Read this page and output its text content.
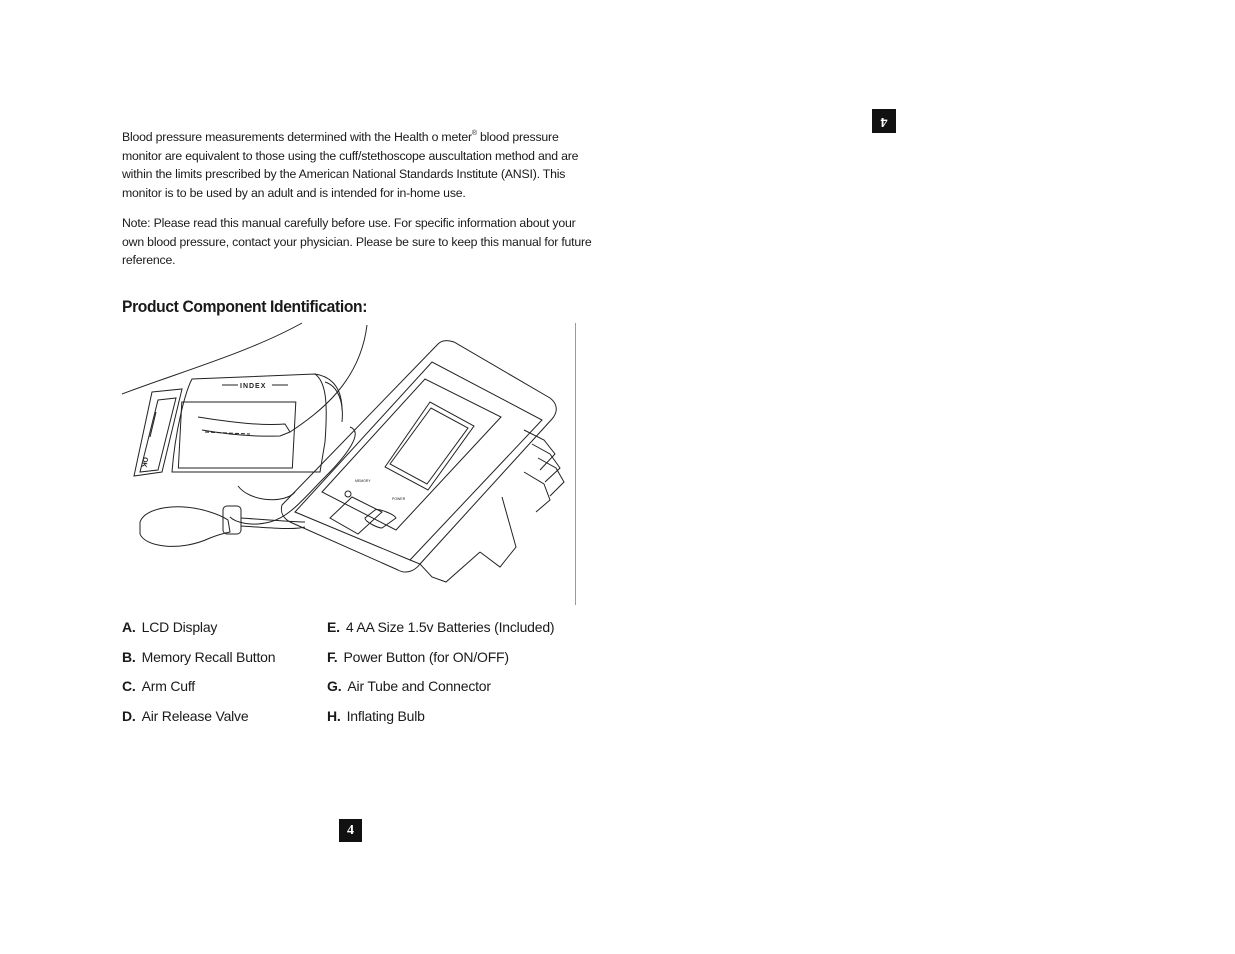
Blood pressure measurements determined with the Health o meter® blood pressure monitor are equivalent to those using the cuff/stethoscope auscultation method and are within the limits prescribed by the American National Standards Institute (ANSI). This monitor is to be used by an adult and is intended for in-home use.

Note: Please read this manual carefully before use. For specific information about your own blood pressure, contact your physician. Please be sure to keep this manual for future reference.

Product Component Identification:
OK
INDEX
MEMORY
POWER
A. LCD Display
B. Memory Recall Button
C. Arm Cuff
D. Air Release Valve
E. 4 AA Size 1.5v Batteries (Included)
F. Power Button (for ON/OFF)
G. Air Tube and Connector
H. Inflating Bulb
4
4
